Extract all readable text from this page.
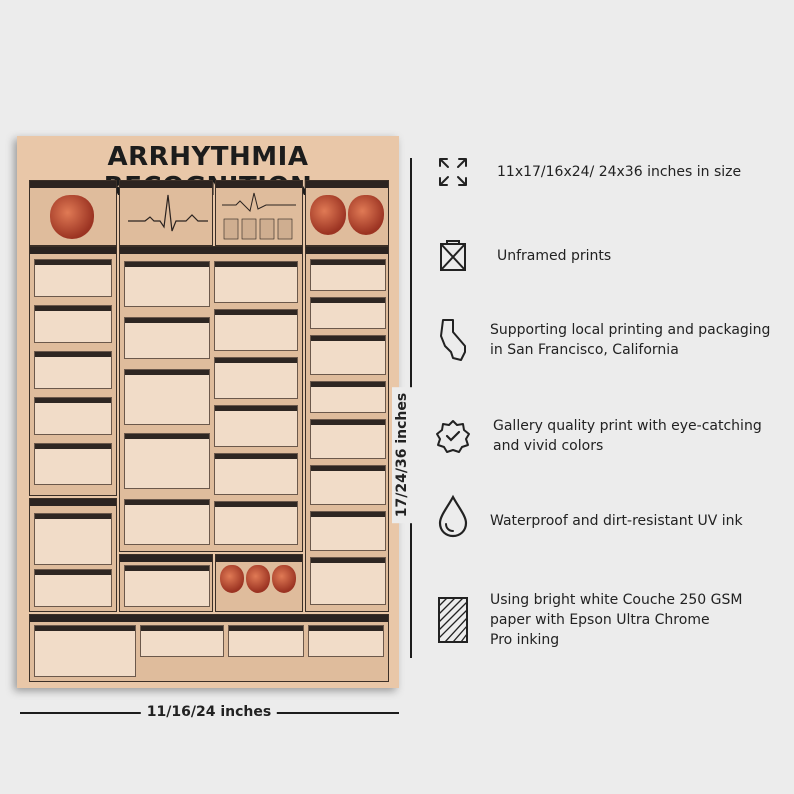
ARRHYTHMIA
17/24/36 inches
11/16/24 inches
11x17/16x24/ 24x36 inches in size
Unframed prints
Supporting local printing and packaging
in San Francisco, California
Gallery quality print with eye-catching
and vivid colors
Waterproof and dirt-resistant UV ink
Using bright white Couche 250 GSM
paper with Epson Ultra Chrome
Pro inking
